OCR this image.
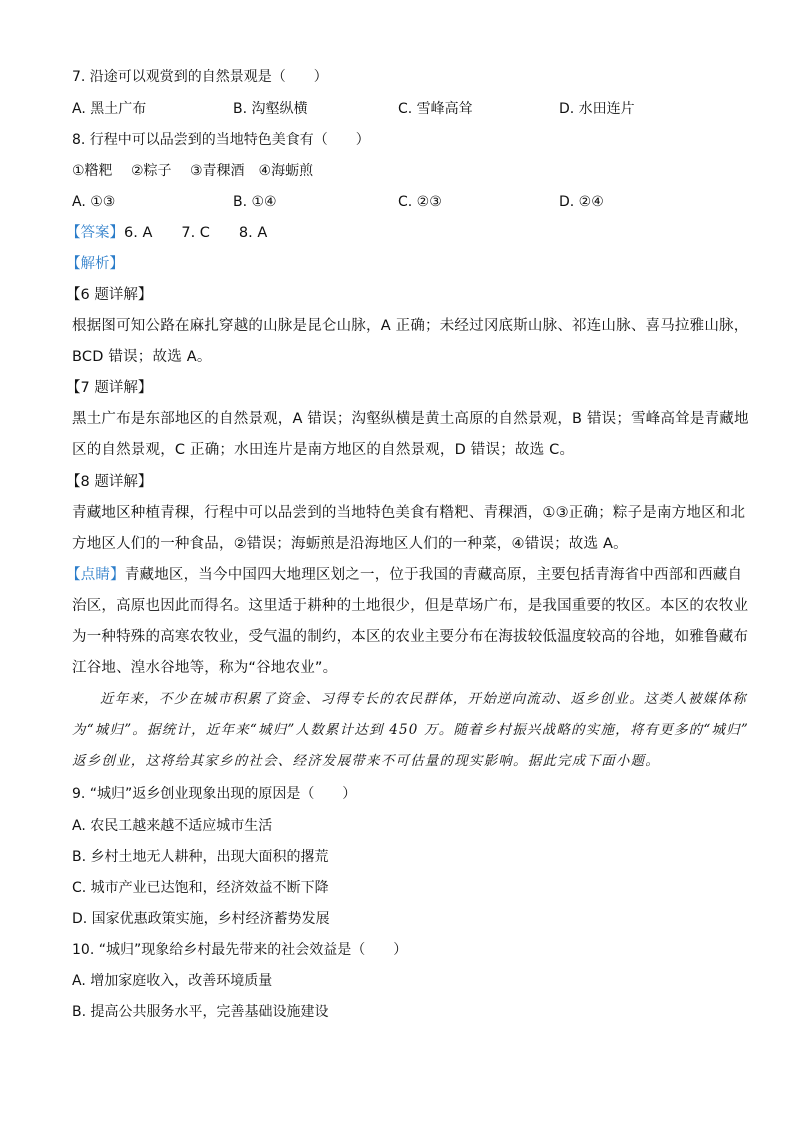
7. 沿途可以观赏到的自然景观是（　　）
A. 黑土广布	B. 沟壑纵横	C. 雪峰高耸	D. 水田连片
8. 行程中可以品尝到的当地特色美食有（　　）
①糌粑　 ②粽子　 ③青稞酒　④海蛎煎
A. ①③	B. ①④	C. ②③	D. ②④
【答案】6. A　　7. C　　8. A
【解析】
【6 题详解】
根据图可知公路在麻扎穿越的山脉是昆仑山脉，A 正确；未经过冈底斯山脉、祁连山脉、喜马拉雅山脉，
BCD 错误；故选 A。
【7 题详解】
黑土广布是东部地区的自然景观，A 错误；沟壑纵横是黄土高原的自然景观，B 错误；雪峰高耸是青藏地
区的自然景观，C 正确；水田连片是南方地区的自然景观，D 错误；故选 C。
【8 题详解】
青藏地区种植青稞，行程中可以品尝到的当地特色美食有糌粑、青稞酒，①③正确；粽子是南方地区和北
方地区人们的一种食品，②错误；海蛎煎是沿海地区人们的一种菜，④错误；故选 A。
【点睛】青藏地区，当今中国四大地理区划之一，位于我国的青藏高原，主要包括青海省中西部和西藏自
治区，高原也因此而得名。这里适于耕种的土地很少，但是草场广布，是我国重要的牧区。本区的农牧业
为一种特殊的高寒农牧业，受气温的制约，本区的农业主要分布在海拔较低温度较高的谷地，如雅鲁藏布
江谷地、湟水谷地等，称为“谷地农业”。
近年来，不少在城市积累了资金、习得专长的农民群体，开始逆向流动、返乡创业。这类人被媒体称
为“城归”。据统计，近年来“城归”人数累计达到 450 万。随着乡村振兴战略的实施，将有更多的“城归”
返乡创业，这将给其家乡的社会、经济发展带来不可估量的现实影响。据此完成下面小题。
9. “城归”返乡创业现象出现的原因是（　　）
A. 农民工越来越不适应城市生活
B. 乡村土地无人耕种，出现大面积的撂荒
C. 城市产业已达饱和，经济效益不断下降
D. 国家优惠政策实施，乡村经济蓄势发展
10. “城归”现象给乡村最先带来的社会效益是（　　）
A. 增加家庭收入，改善环境质量
B. 提高公共服务水平，完善基础设施建设
